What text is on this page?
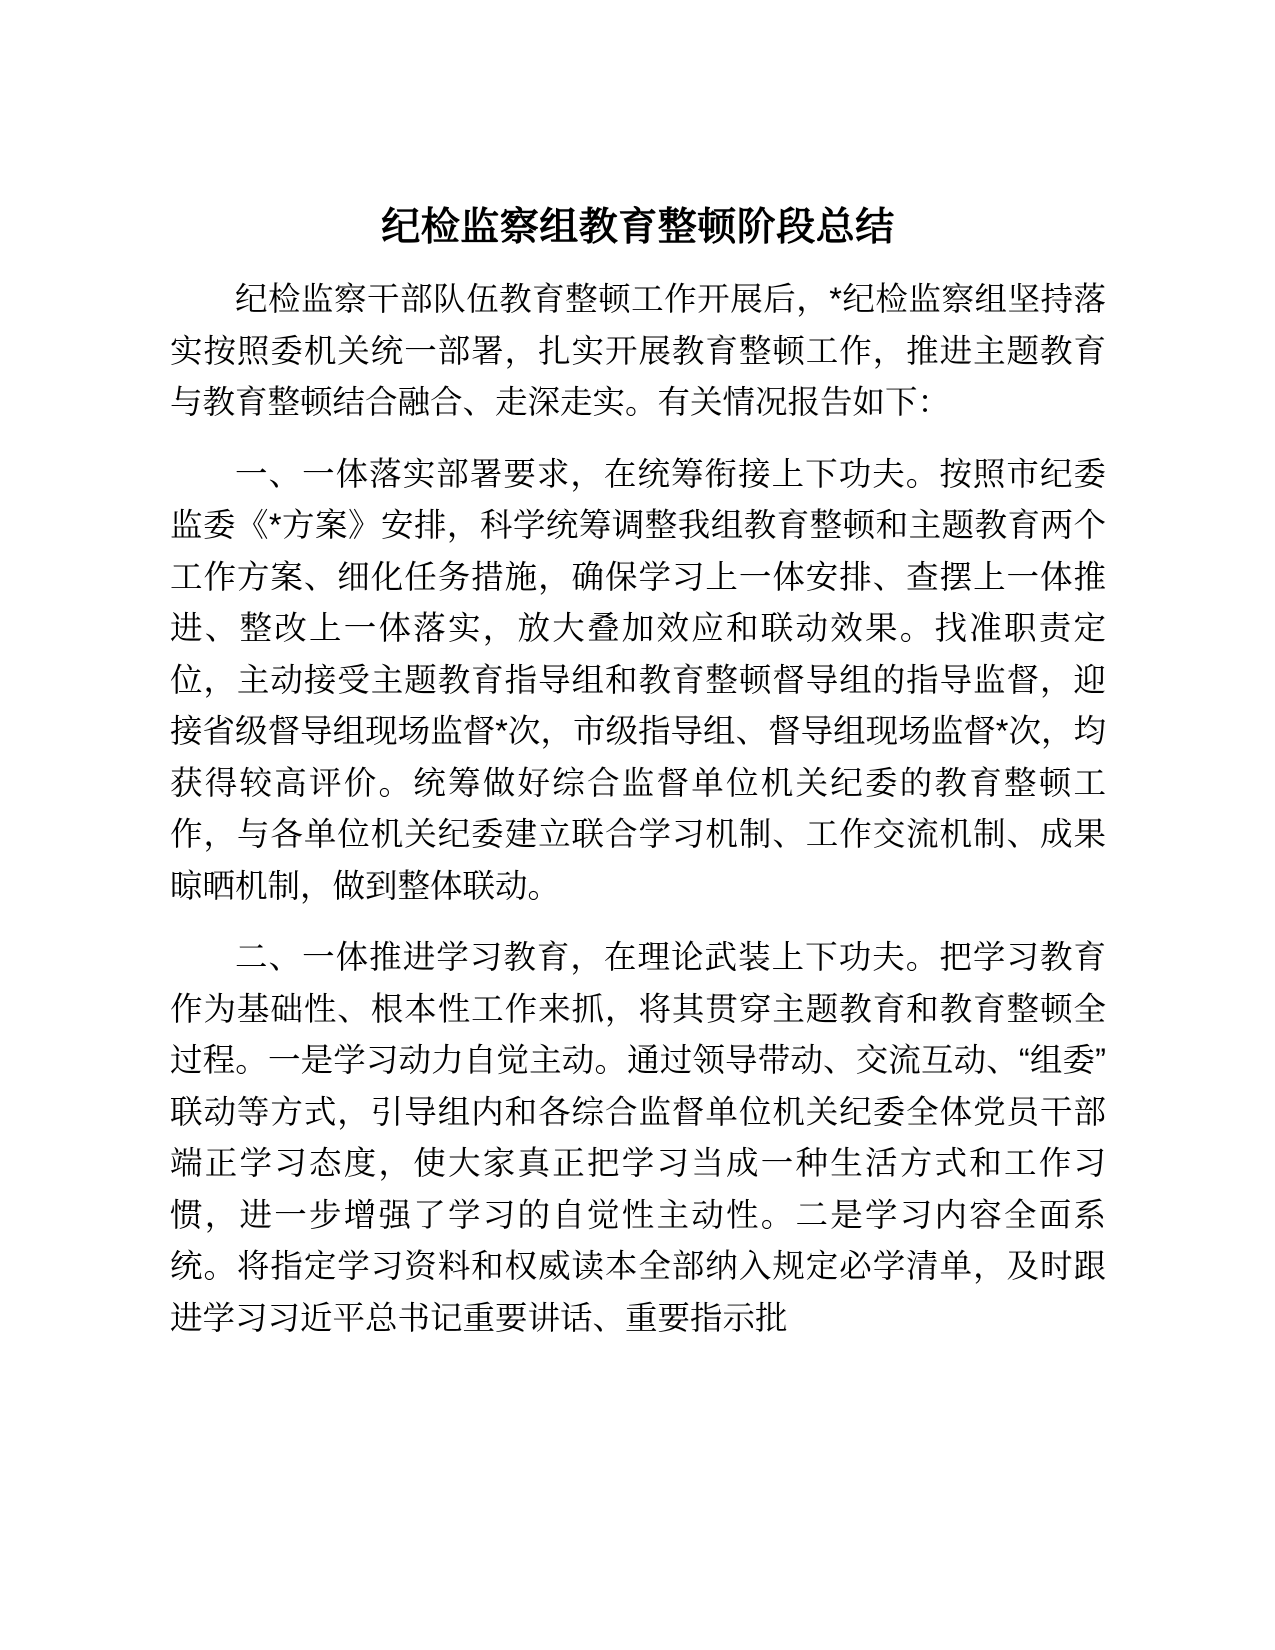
纪检监察组教育整顿阶段总结

纪检监察干部队伍教育整顿工作开展后，*纪检监察组坚持落实按照委机关统一部署，扎实开展教育整顿工作，推进主题教育与教育整顿结合融合、走深走实。有关情况报告如下：

一、一体落实部署要求，在统筹衔接上下功夫。按照市纪委监委《*方案》安排，科学统筹调整我组教育整顿和主题教育两个工作方案、细化任务措施，确保学习上一体安排、查摆上一体推进、整改上一体落实，放大叠加效应和联动效果。找准职责定位，主动接受主题教育指导组和教育整顿督导组的指导监督，迎接省级督导组现场监督*次，市级指导组、督导组现场监督*次，均获得较高评价。统筹做好综合监督单位机关纪委的教育整顿工作，与各单位机关纪委建立联合学习机制、工作交流机制、成果晾晒机制，做到整体联动。

二、一体推进学习教育，在理论武装上下功夫。把学习教育作为基础性、根本性工作来抓，将其贯穿主题教育和教育整顿全过程。一是学习动力自觉主动。通过领导带动、交流互动、“组委”联动等方式，引导组内和各综合监督单位机关纪委全体党员干部端正学习态度，使大家真正把学习当成一种生活方式和工作习惯，进一步增强了学习的自觉性主动性。二是学习内容全面系统。将指定学习资料和权威读本全部纳入规定必学清单，及时跟进学习习近平总书记重要讲话、重要指示批
